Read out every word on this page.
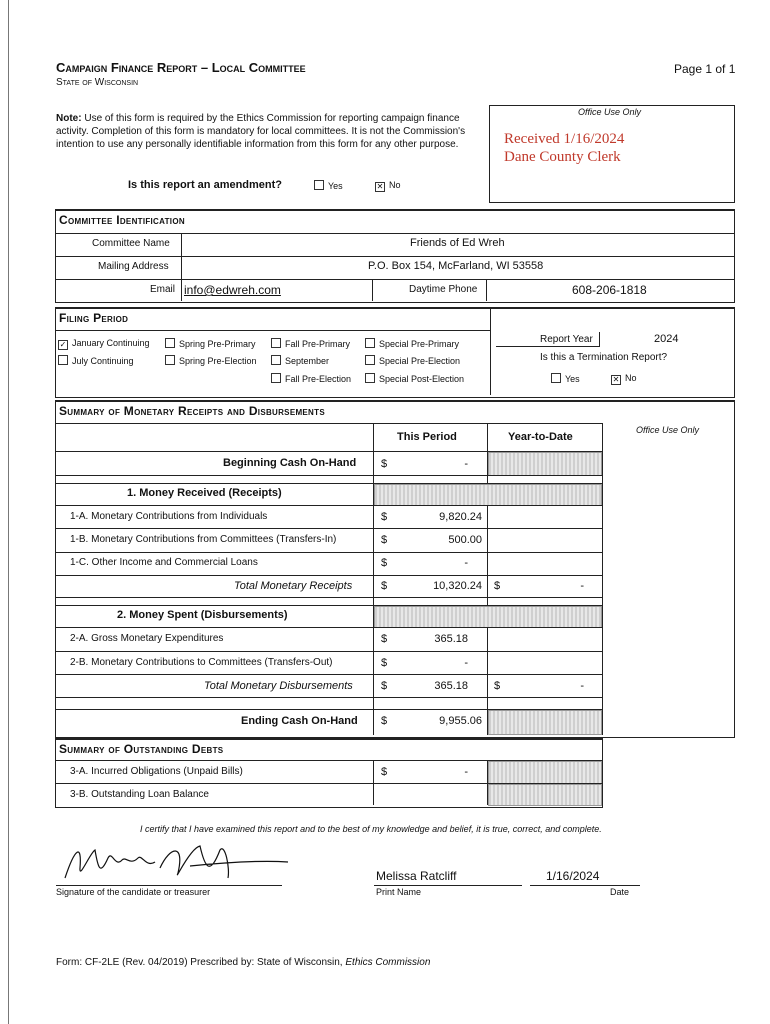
Campaign Finance Report – Local Committee
State of Wisconsin
Page 1 of 1
Note: Use of this form is required by the Ethics Commission for reporting campaign finance activity. Completion of this form is mandatory for local committees. It is not the Commission's intention to use any personally identifiable information from this form for any other purpose.
Office Use Only
Received 1/16/2024
Dane County Clerk
Is this report an amendment?	Yes	✕ No
Committee Identification
Committee Name	Friends of Ed Wreh
Mailing Address	P.O. Box 154, McFarland, WI 53558
Email info@edwreh.com	Daytime Phone	608-206-1818
Filing Period
✓ January Continuing
July Continuing
Spring Pre-Primary
Spring Pre-Election
Fall Pre-Primary
September
Fall Pre-Election
Special Pre-Primary
Special Pre-Election
Special Post-Election
Report Year	2024
Is this a Termination Report?
Yes	✕ No
Summary of Monetary Receipts and Disbursements
Office Use Only
This Period	Year-to-Date
Beginning Cash On-Hand $	-
1. Money Received (Receipts)
1-A. Monetary Contributions from Individuals	$	9,820.24
1-B. Monetary Contributions from Committees (Transfers-In)	$	500.00
1-C. Other Income and Commercial Loans	$	-
Total Monetary Receipts	$	10,320.24 $	-
2. Money Spent (Disbursements)
2-A. Gross Monetary Expenditures	$	365.18
2-B. Monetary Contributions to Committees (Transfers-Out)	$	-
Total Monetary Disbursements	$	365.18 $	-
Ending Cash On-Hand $	9,955.06
Summary of Outstanding Debts
3-A. Incurred Obligations (Unpaid Bills)	$	-
3-B. Outstanding Loan Balance
I certify that I have examined this report and to the best of my knowledge and belief, it is true, correct, and complete.
Signature of the candidate or treasurer
Melissa Ratcliff
Print Name
1/16/2024
Date
Form: CF-2LE (Rev. 04/2019) Prescribed by: State of Wisconsin, Ethics Commission
